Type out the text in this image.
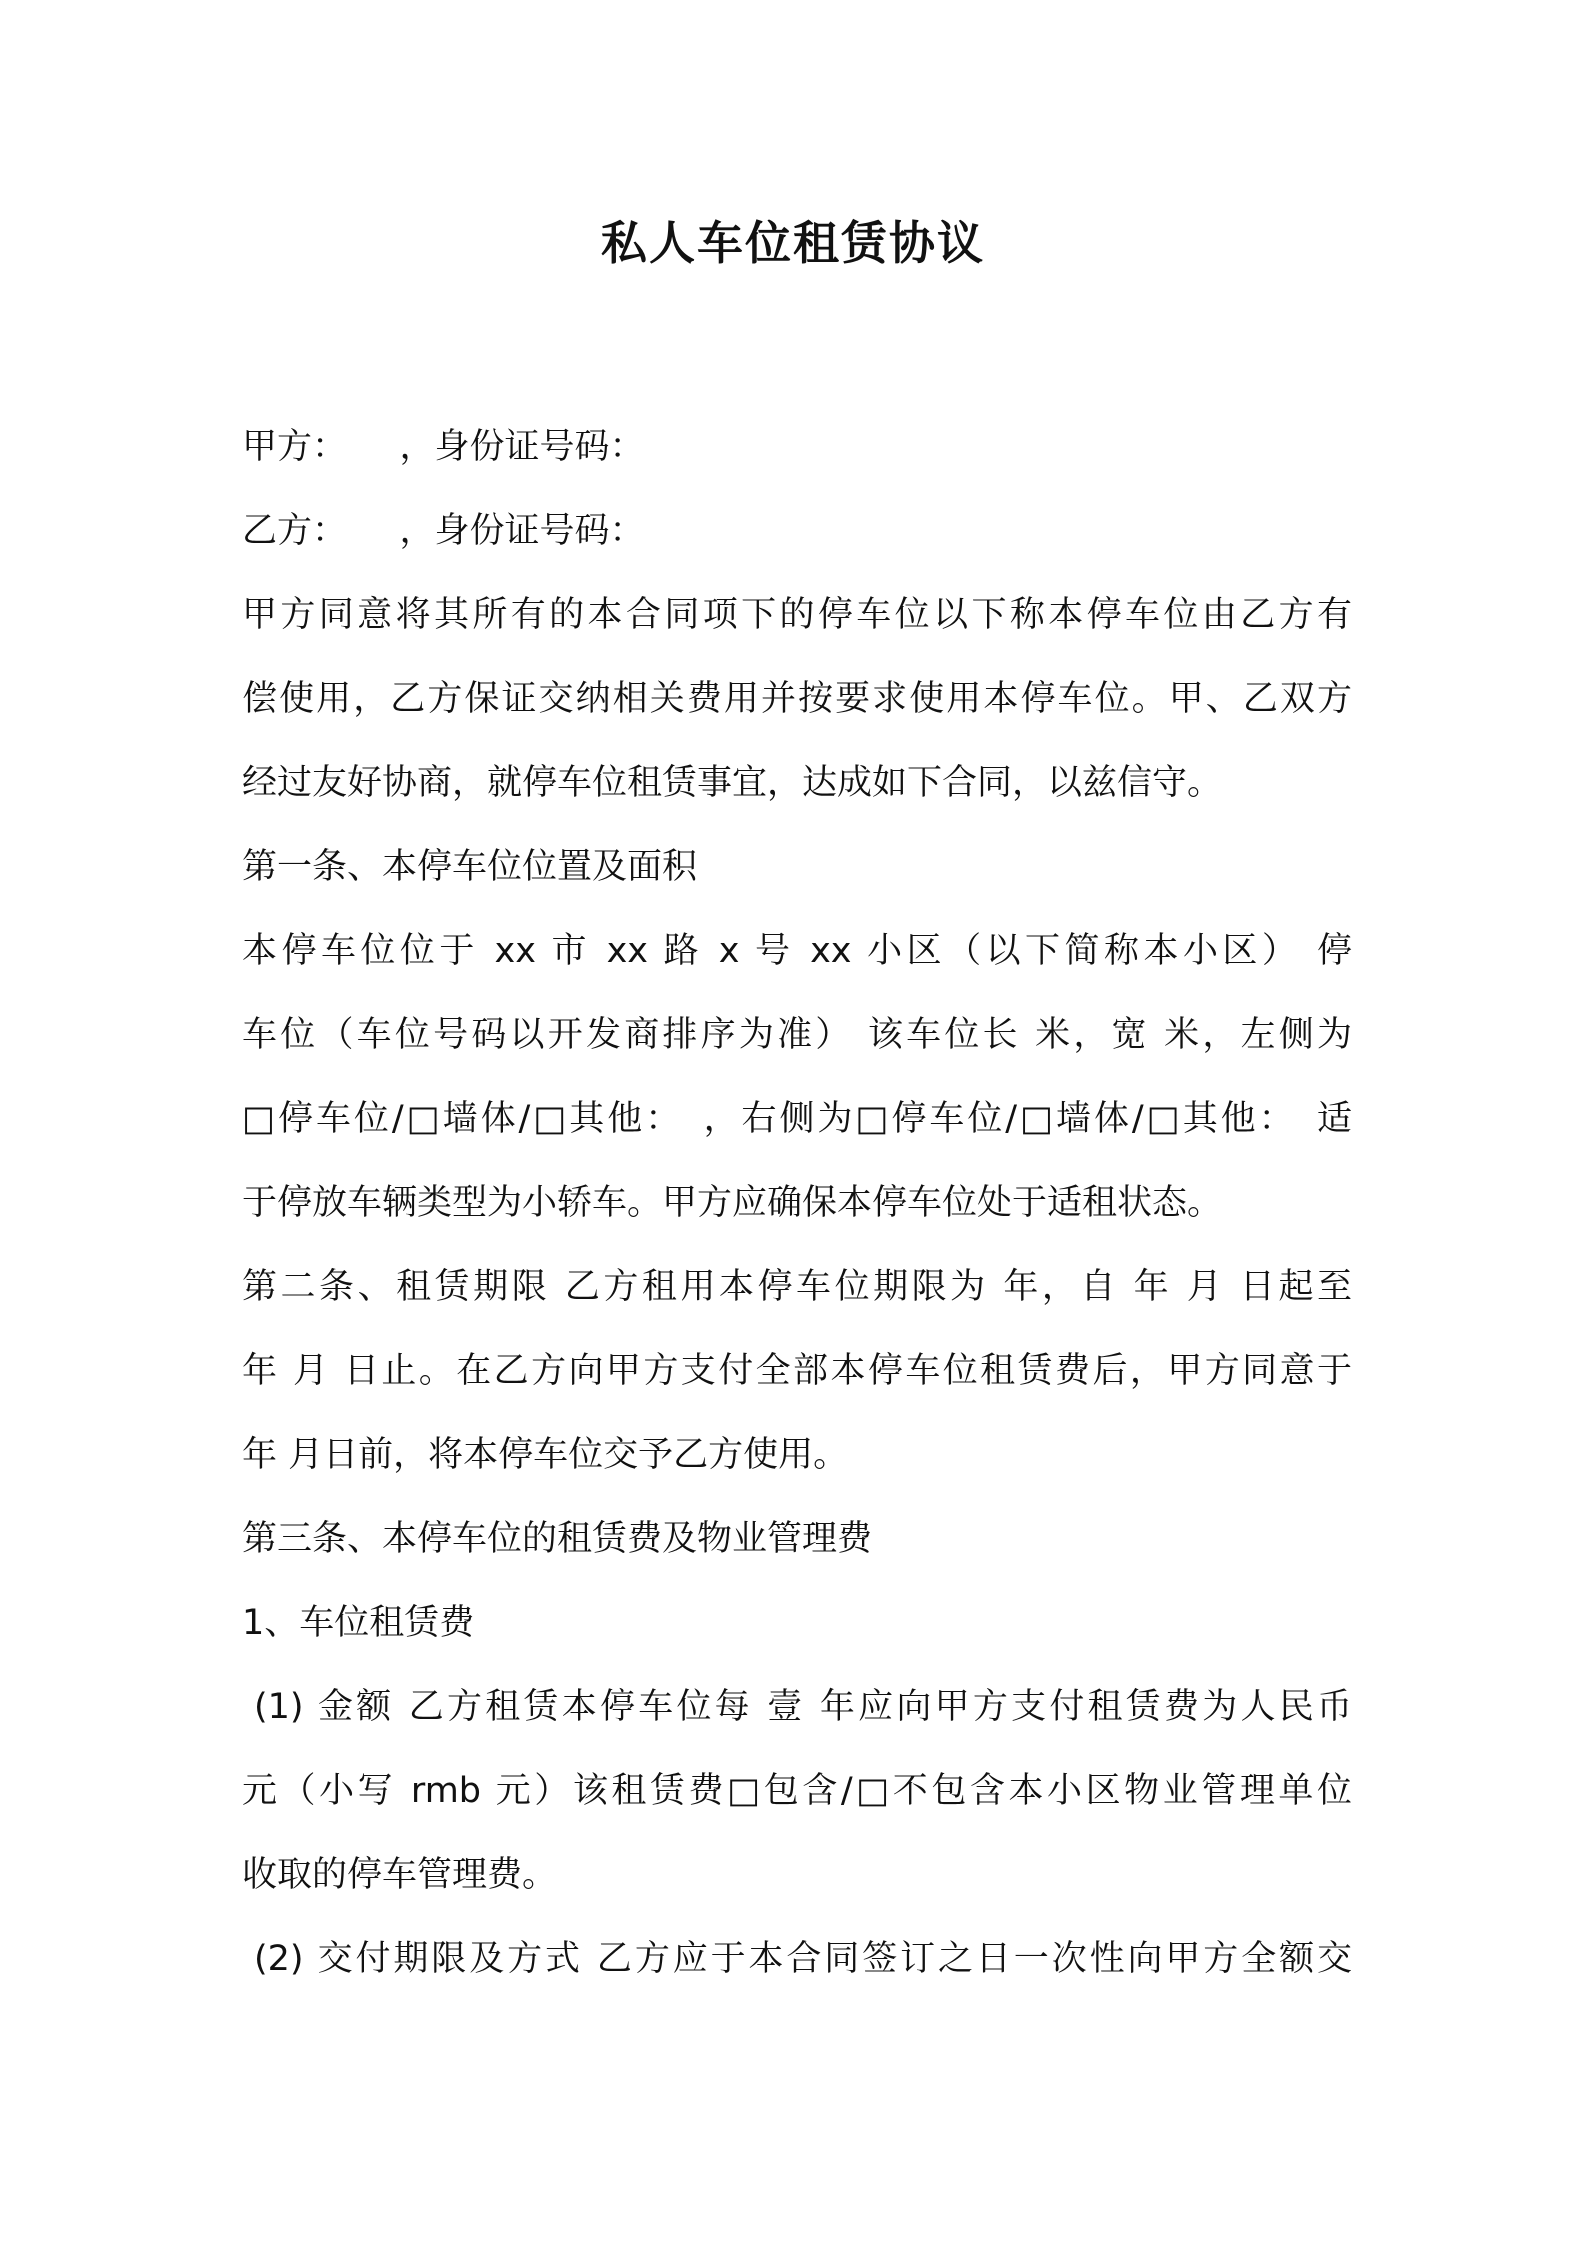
私人车位租赁协议
甲方：　　，身份证号码：
乙方：　　，身份证号码：
甲方同意将其所有的本合同项下的停车位以下称本停车位由乙方有
偿使用，乙方保证交纳相关费用并按要求使用本停车位。甲、乙双方
经过友好协商，就停车位租赁事宜，达成如下合同，以兹信守。
第一条、本停车位位置及面积
本停车位位于 xx 市 xx 路 x 号 xx 小区（以下简称本小区） 停
车位（车位号码以开发商排序为准） 该车位长 米，宽 米，左侧为
□停车位/□墙体/□其他：　，右侧为□停车位/□墙体/□其他：　适
于停放车辆类型为小轿车。甲方应确保本停车位处于适租状态。
第二条、租赁期限 乙方租用本停车位期限为 年，自 年 月 日起至
年 月 日止。在乙方向甲方支付全部本停车位租赁费后，甲方同意于
年 月日前，将本停车位交予乙方使用。
第三条、本停车位的租赁费及物业管理费
1、车位租赁费
(1) 金额 乙方租赁本停车位每 壹 年应向甲方支付租赁费为人民币
元（小写 rmb 元）该租赁费□包含/□不包含本小区物业管理单位
收取的停车管理费。
(2) 交付期限及方式 乙方应于本合同签订之日一次性向甲方全额交
